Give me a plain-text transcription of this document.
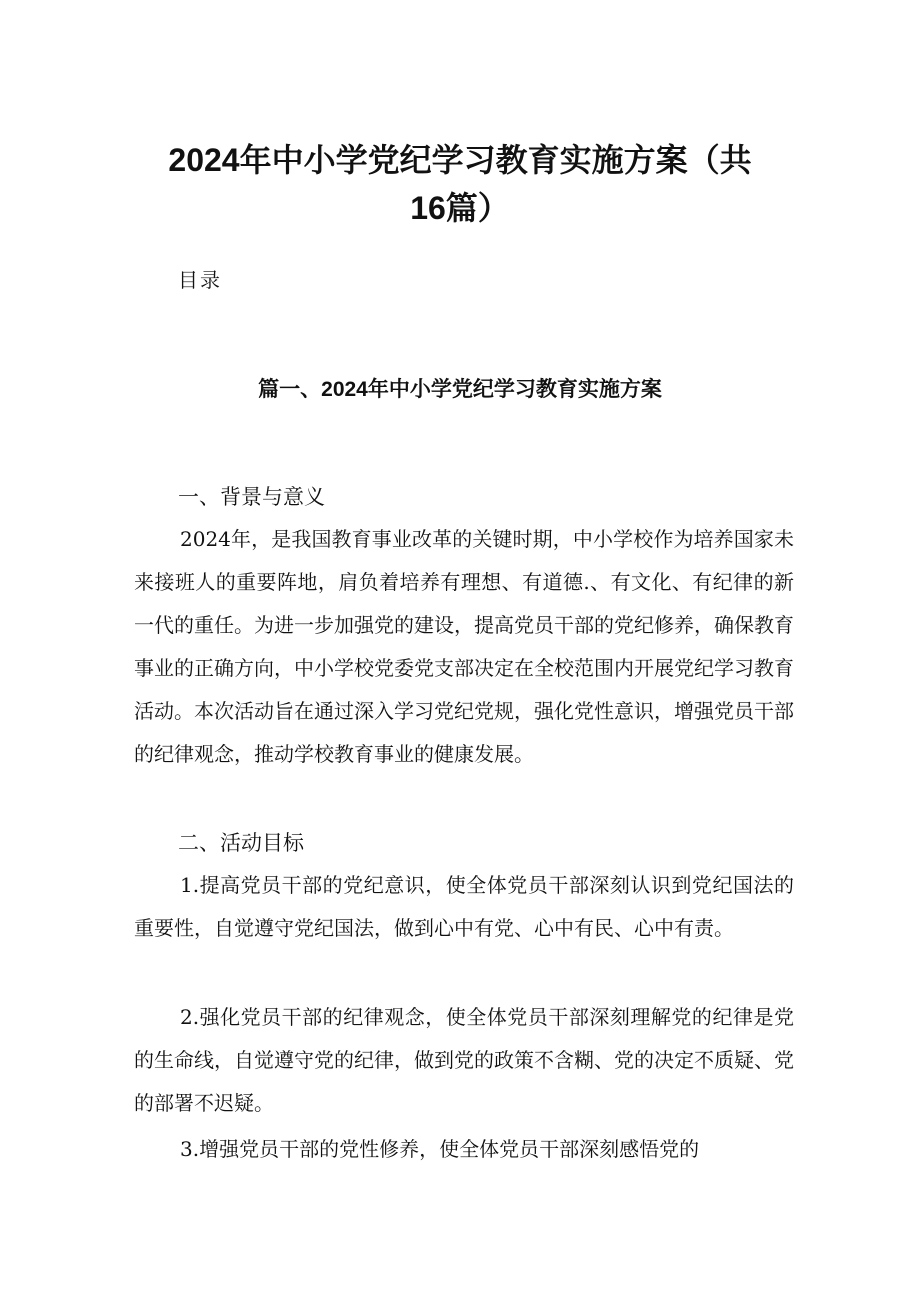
2024年中小学党纪学习教育实施方案（共
16篇）

目录

篇一、2024年中小学党纪学习教育实施方案
一、背景与意义

2024年，是我国教育事业改革的关键时期，中小学校作为培养国家未来接班人的重要阵地，肩负着培养有理想、有道德.、有文化、有纪律的新一代的重任。为进一步加强党的建设，提高党员干部的党纪修养，确保教育事业的正确方向，中小学校党委党支部决定在全校范围内开展党纪学习教育活动。本次活动旨在通过深入学习党纪党规，强化党性意识，增强党员干部的纪律观念，推动学校教育事业的健康发展。

二、活动目标

1.提高党员干部的党纪意识，使全体党员干部深刻认识到党纪国法的重要性，自觉遵守党纪国法，做到心中有党、心中有民、心中有责。

2.强化党员干部的纪律观念，使全体党员干部深刻理解党的纪律是党的生命线，自觉遵守党的纪律，做到党的政策不含糊、党的决定不质疑、党的部署不迟疑。

3.增强党员干部的党性修养，使全体党员干部深刻感悟党的
